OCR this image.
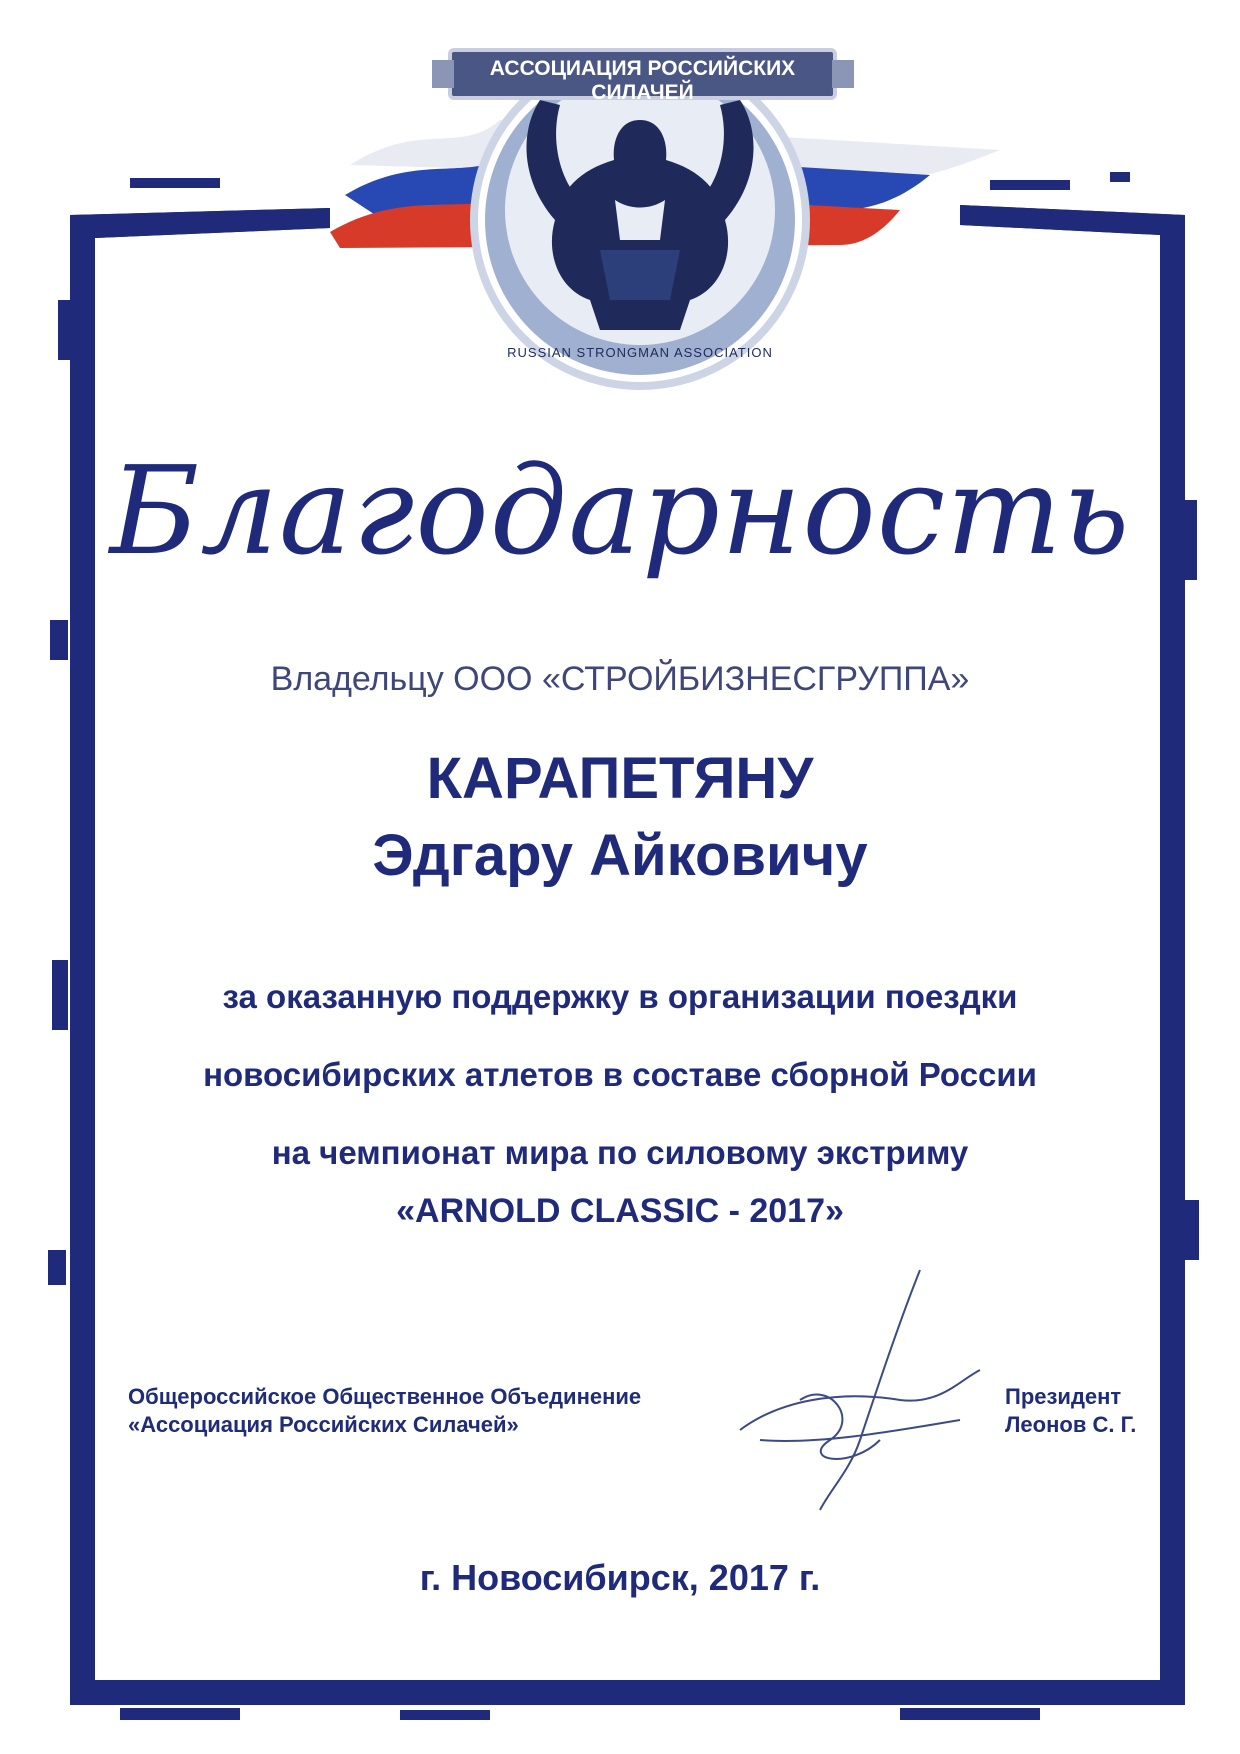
АССОЦИАЦИЯ РОССИЙСКИХ СИЛАЧЕЙ
RUSSIAN STRONGMAN ASSOCIATION
Благодарность
Владельцу ООО «СТРОЙБИЗНЕСГРУППА»
КАРАПЕТЯНУ
Эдгару Айковичу
за оказанную поддержку в организации поездки
новосибирских атлетов в составе сборной России
на чемпионат мира по силовому экстриму
«ARNOLD CLASSIC - 2017»
Общероссийское Общественное Объединение
«Ассоциация Российских Силачей»
Президент
Леонов С. Г.
г. Новосибирск, 2017 г.
